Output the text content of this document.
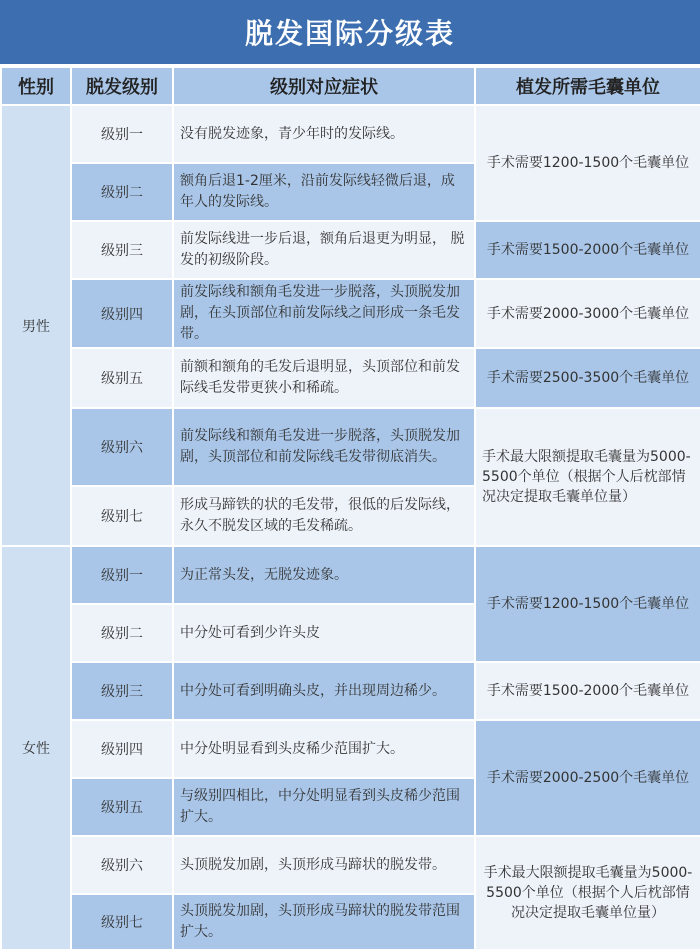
脱发国际分级表
性别	脱发级别	级别对应症状	植发所需毛囊单位
男性	级别一	没有脱发迹象，青少年时的发际线。	手术需要1200-1500个毛囊单位
	级别二	额角后退1-2厘米，沿前发际线轻微后退，成年人的发际线。	
	级别三	前发际线进一步后退，额角后退更为明显， 脱发的初级阶段。	手术需要1500-2000个毛囊单位
	级别四	前发际线和额角毛发进一步脱落，头顶脱发加剧，在头顶部位和前发际线之间形成一条毛发带。	手术需要2000-3000个毛囊单位
	级别五	前额和额角的毛发后退明显，头顶部位和前发际线毛发带更狭小和稀疏。	手术需要2500-3500个毛囊单位
	级别六	前发际线和额角毛发进一步脱落，头顶脱发加剧，头顶部位和前发际线毛发带彻底消失。	手术最大限额提取毛囊量为5000-5500个单位（根据个人后枕部情况决定提取毛囊单位量）
	级别七	形成马蹄铁的状的毛发带，很低的后发际线，永久不脱发区域的毛发稀疏。	
女性	级别一	为正常头发，无脱发迹象。	手术需要1200-1500个毛囊单位
	级别二	中分处可看到少许头皮	
	级别三	中分处可看到明确头皮，并出现周边稀少。	手术需要1500-2000个毛囊单位
	级别四	中分处明显看到头皮稀少范围扩大。	手术需要2000-2500个毛囊单位
	级别五	与级别四相比，中分处明显看到头皮稀少范围扩大。	
	级别六	头顶脱发加剧，头顶形成马蹄状的脱发带。	手术最大限额提取毛囊量为5000-5500个单位（根据个人后枕部情况决定提取毛囊单位量）
	级别七	头顶脱发加剧，头顶形成马蹄状的脱发带范围扩大。	
